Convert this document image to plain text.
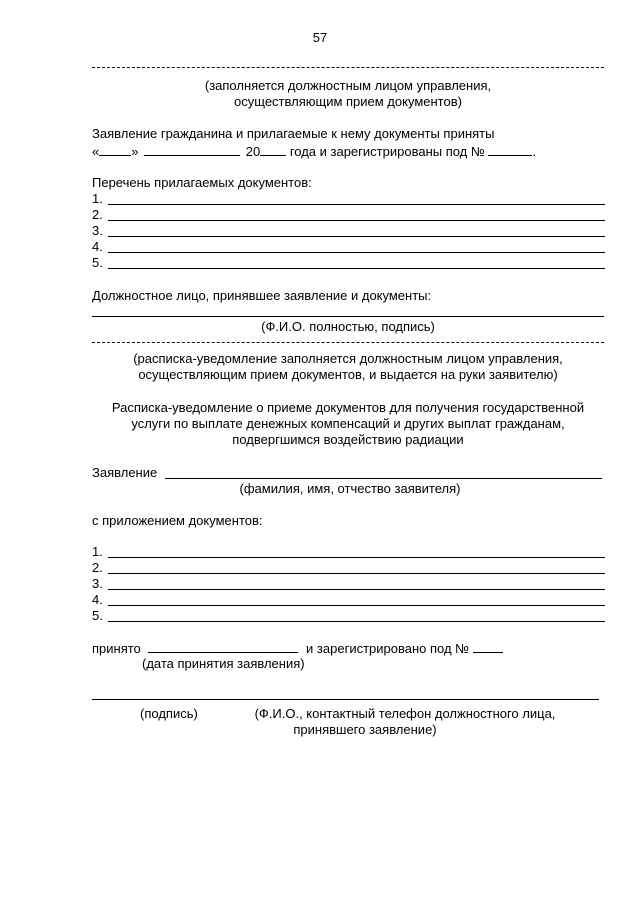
57
(заполняется должностным лицом управления,
осуществляющим прием документов)
Заявление гражданина и прилагаемые к нему документы приняты
« »	20 года и зарегистрированы под №	.
Перечень прилагаемых документов:
1.
2.
3.
4.
5.
Должностное лицо, принявшее заявление и документы:
(Ф.И.О. полностью, подпись)
(расписка-уведомление заполняется должностным лицом управления,
осуществляющим прием документов, и выдается на руки заявителю)
Расписка-уведомление о приеме документов для получения государственной
услуги по выплате денежных компенсаций и других выплат гражданам,
подвергшимся воздействию радиации
Заявление
(фамилия, имя, отчество заявителя)
с приложением документов:
1.
2.
3.
4.
5.
принято	и зарегистрировано под №
(дата принятия заявления)
(подпись)	(Ф.И.О., контактный телефон должностного лица,
принявшего заявление)
